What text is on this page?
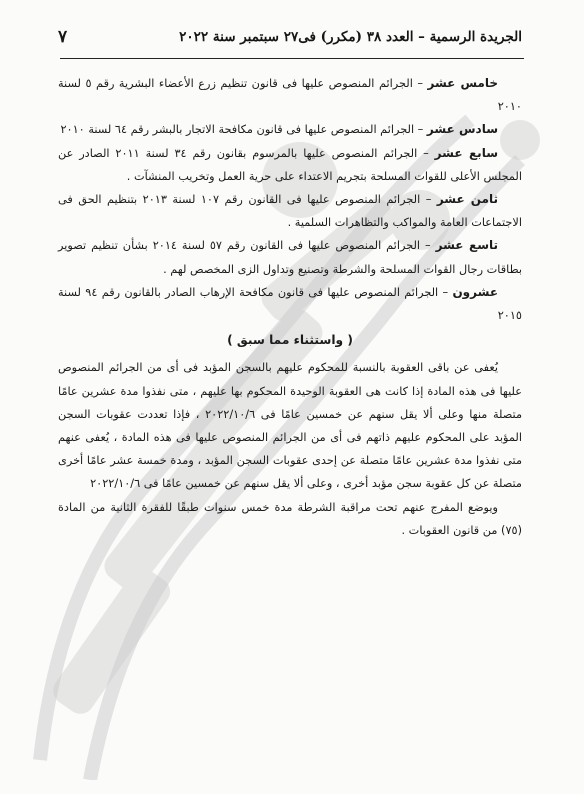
الجريدة الرسمية – العدد ٣٨ (مكرر) فى٢٧ سبتمبر سنة ٢٠٢٢
٧

خامس عشر – الجرائم المنصوص عليها فى قانون تنظيم زرع الأعضاء البشرية رقم ٥ لسنة ٢٠١٠

سادس عشر – الجرائم المنصوص عليها فى قانون مكافحة الاتجار بالبشر رقم ٦٤ لسنة ٢٠١٠

سابع عشر – الجرائم المنصوص عليها بالمرسوم بقانون رقم ٣٤ لسنة ٢٠١١ الصادر عن المجلس الأعلى للقوات المسلحة بتجريم الاعتداء على حرية العمل وتخريب المنشآت .

ثامن عشر – الجرائم المنصوص عليها فى القانون رقم ١٠٧ لسنة ٢٠١٣ بتنظيم الحق فى الاجتماعات العامة والمواكب والتظاهرات السلمية .

تاسع عشر – الجرائم المنصوص عليها فى القانون رقم ٥٧ لسنة ٢٠١٤ بشأن تنظيم تصوير بطاقات رجال القوات المسلحة والشرطة وتصنيع وتداول الزى المخصص لهم .

عشرون – الجرائم المنصوص عليها فى قانون مكافحة الإرهاب الصادر بالقانون رقم ٩٤ لسنة ٢٠١٥

( واستثناء مما سبق )

يُعفى عن باقى العقوبة بالنسبة للمحكوم عليهم بالسجن المؤبد فى أى من الجرائم المنصوص عليها فى هذه المادة إذا كانت هى العقوبة الوحيدة المحكوم بها عليهم ، متى نفذوا مدة عشرين عامًا متصلة منها وعلى ألا يقل سنهم عن خمسين عامًا فى ٢٠٢٢/١٠/٦ ، فإذا تعددت عقوبات السجن المؤبد على المحكوم عليهم ذاتهم فى أى من الجرائم المنصوص عليها فى هذه المادة ، يُعفى عنهم متى نفذوا مدة عشرين عامًا متصلة عن إحدى عقوبات السجن المؤبد ، ومدة خمسة عشر عامًا أخرى متصلة عن كل عقوبة سجن مؤبد أخرى ، وعلى ألا يقل سنهم عن خمسين عامًا فى ٢٠٢٢/١٠/٦

ويوضع المفرج عنهم تحت مراقبة الشرطة مدة خمس سنوات طبقًا للفقرة الثانية من المادة (٧٥) من قانون العقوبات .
